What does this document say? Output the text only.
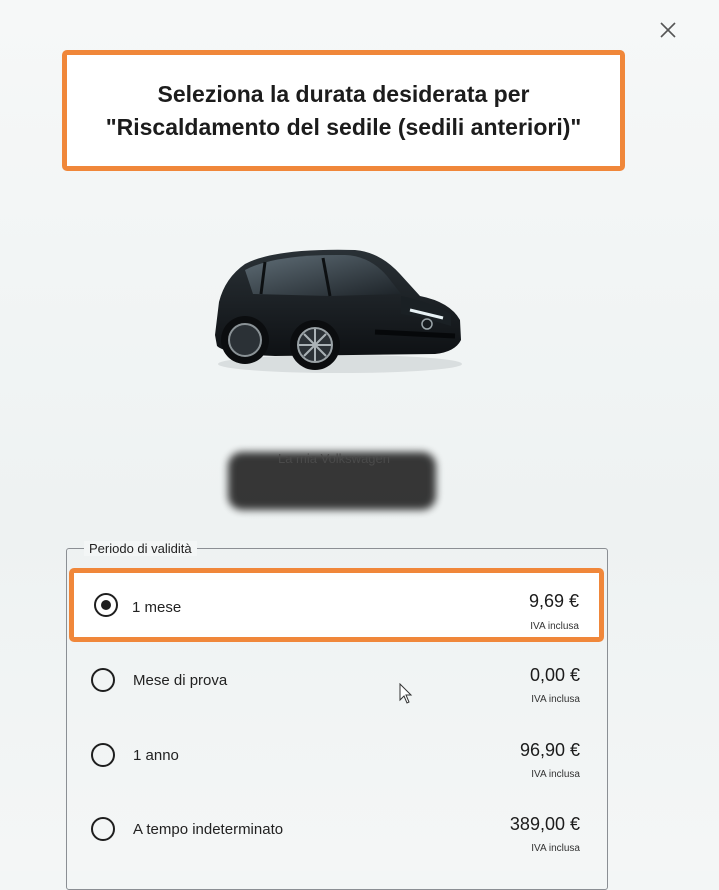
Seleziona la durata desiderata per
"Riscaldamento del sedile (sedili anteriori)"
La mia Volkswagen
Periodo di validità
1 mese	9,69 €
IVA inclusa
Mese di prova	0,00 €
IVA inclusa
1 anno	96,90 €
IVA inclusa
A tempo indeterminato	389,00 €
IVA inclusa
